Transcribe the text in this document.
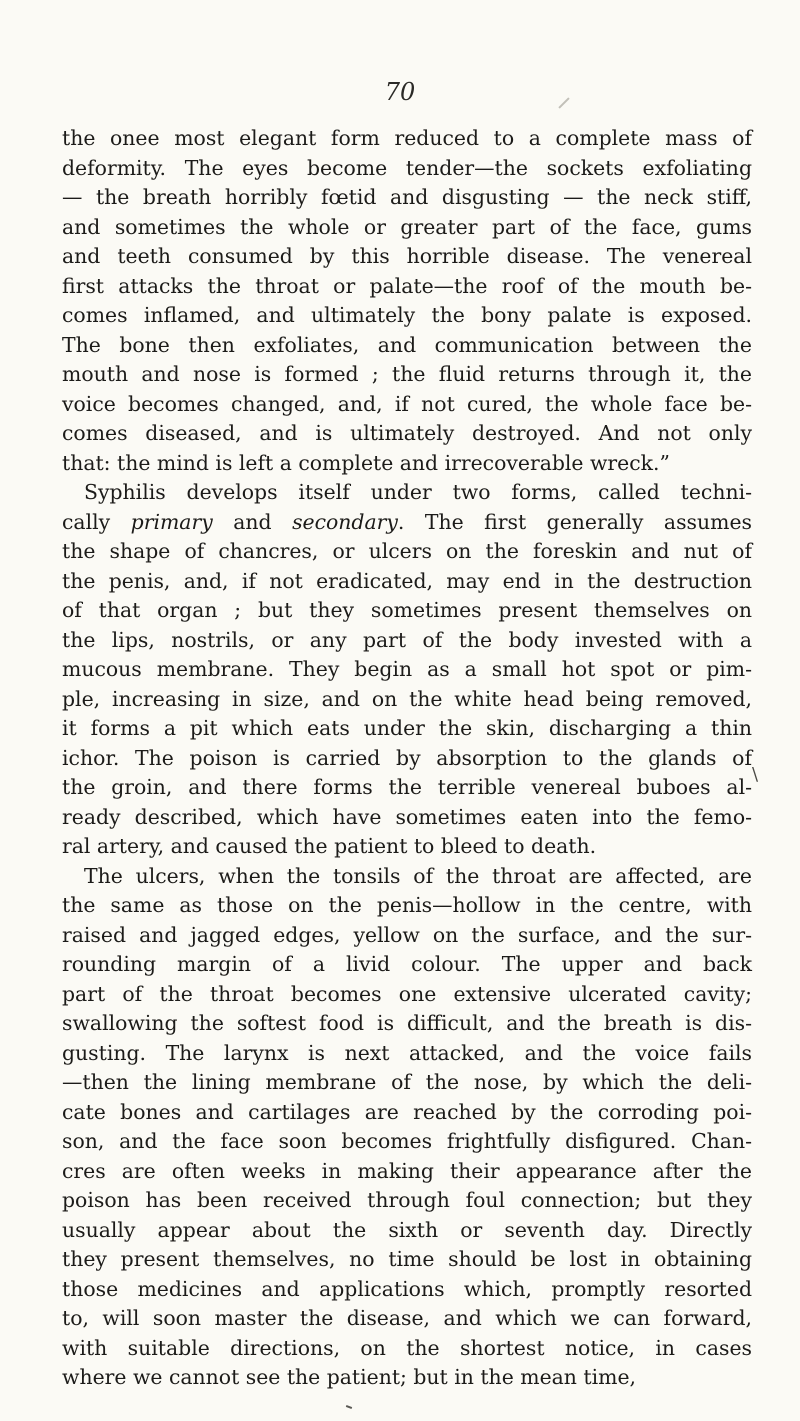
70
the onee most elegant form reduced to a complete mass of
deformity. The eyes become tender—the sockets exfoliating
— the breath horribly fœtid and disgusting — the neck stiff,
and sometimes the whole or greater part of the face, gums
and teeth consumed by this horrible disease. The venereal
first attacks the throat or palate—the roof of the mouth be-
comes inflamed, and ultimately the bony palate is exposed.
The bone then exfoliates, and communication between the
mouth and nose is formed ; the fluid returns through it, the
voice becomes changed, and, if not cured, the whole face be-
comes diseased, and is ultimately destroyed. And not only
that: the mind is left a complete and irrecoverable wreck.”
Syphilis develops itself under two forms, called techni-
cally primary and secondary. The first generally assumes
the shape of chancres, or ulcers on the foreskin and nut of
the penis, and, if not eradicated, may end in the destruction
of that organ ; but they sometimes present themselves on
the lips, nostrils, or any part of the body invested with a
mucous membrane. They begin as a small hot spot or pim-
ple, increasing in size, and on the white head being removed,
it forms a pit which eats under the skin, discharging a thin
ichor. The poison is carried by absorption to the glands of
the groin, and there forms the terrible venereal buboes al-
ready described, which have sometimes eaten into the femo-
ral artery, and caused the patient to bleed to death.
The ulcers, when the tonsils of the throat are affected, are
the same as those on the penis—hollow in the centre, with
raised and jagged edges, yellow on the surface, and the sur-
rounding margin of a livid colour. The upper and back
part of the throat becomes one extensive ulcerated cavity;
swallowing the softest food is difficult, and the breath is dis-
gusting. The larynx is next attacked, and the voice fails
—then the lining membrane of the nose, by which the deli-
cate bones and cartilages are reached by the corroding poi-
son, and the face soon becomes frightfully disfigured. Chan-
cres are often weeks in making their appearance after the
poison has been received through foul connection; but they
usually appear about the sixth or seventh day. Directly
they present themselves, no time should be lost in obtaining
those medicines and applications which, promptly resorted
to, will soon master the disease, and which we can forward,
with suitable directions, on the shortest notice, in cases
where we cannot see the patient; but in the mean time,
\
